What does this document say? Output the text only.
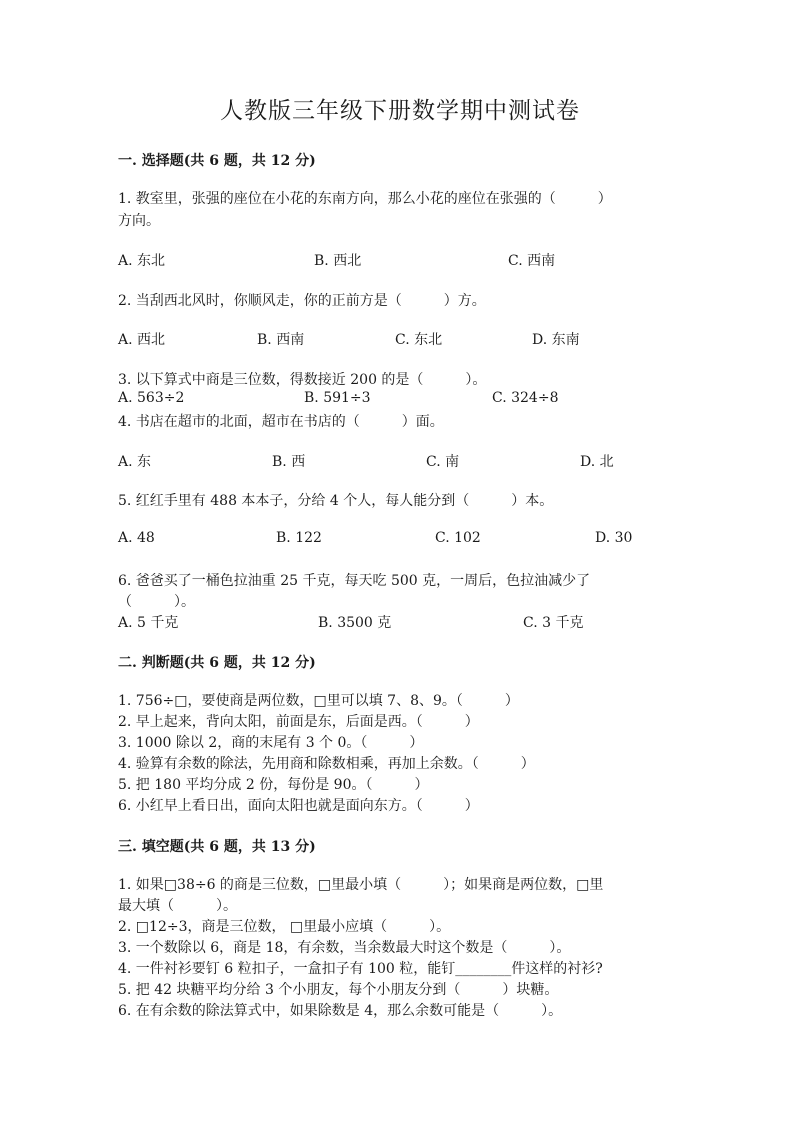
人教版三年级下册数学期中测试卷
一. 选择题(共 6 题，共 12 分)
1. 教室里，张强的座位在小花的东南方向，那么小花的座位在张强的（　　　）
方向。
A. 东北	B. 西北	C. 西南
2. 当刮西北风时，你顺风走，你的正前方是（　　　）方。
A. 西北	B. 西南	C. 东北	D. 东南
3. 以下算式中商是三位数，得数接近 200 的是（　　　）。
A. 563÷2	B. 591÷3	C. 324÷8
4. 书店在超市的北面，超市在书店的（　　　）面。
A. 东	B. 西	C. 南	D. 北
5. 红红手里有 488 本本子，分给 4 个人，每人能分到（　　　）本。
A. 48	B. 122	C. 102	D. 30
6. 爸爸买了一桶色拉油重 25 千克，每天吃 500 克，一周后，色拉油减少了
（　　　）。
A. 5 千克	B. 3500 克	C. 3 千克
二. 判断题(共 6 题，共 12 分)
1. 756÷□，要使商是两位数，□里可以填 7、8、9。（　　　）
2. 早上起来，背向太阳，前面是东，后面是西。（　　　）
3. 1000 除以 2，商的末尾有 3 个 0。（　　　）
4. 验算有余数的除法，先用商和除数相乘，再加上余数。（　　　）
5. 把 180 平均分成 2 份，每份是 90。（　　　）
6. 小红早上看日出，面向太阳也就是面向东方。（　　　）
三. 填空题(共 6 题，共 13 分)
1. 如果□38÷6 的商是三位数，□里最小填（　　　）；如果商是两位数，□里
最大填（　　　）。
2. □12÷3，商是三位数， □里最小应填（　　　）。
3. 一个数除以 6，商是 18，有余数，当余数最大时这个数是（　　　）。
4. 一件衬衫要钉 6 粒扣子，一盒扣子有 100 粒，能钉________件这样的衬衫?
5. 把 42 块糖平均分给 3 个小朋友，每个小朋友分到（　　　）块糖。
6. 在有余数的除法算式中，如果除数是 4，那么余数可能是（　　　）。
